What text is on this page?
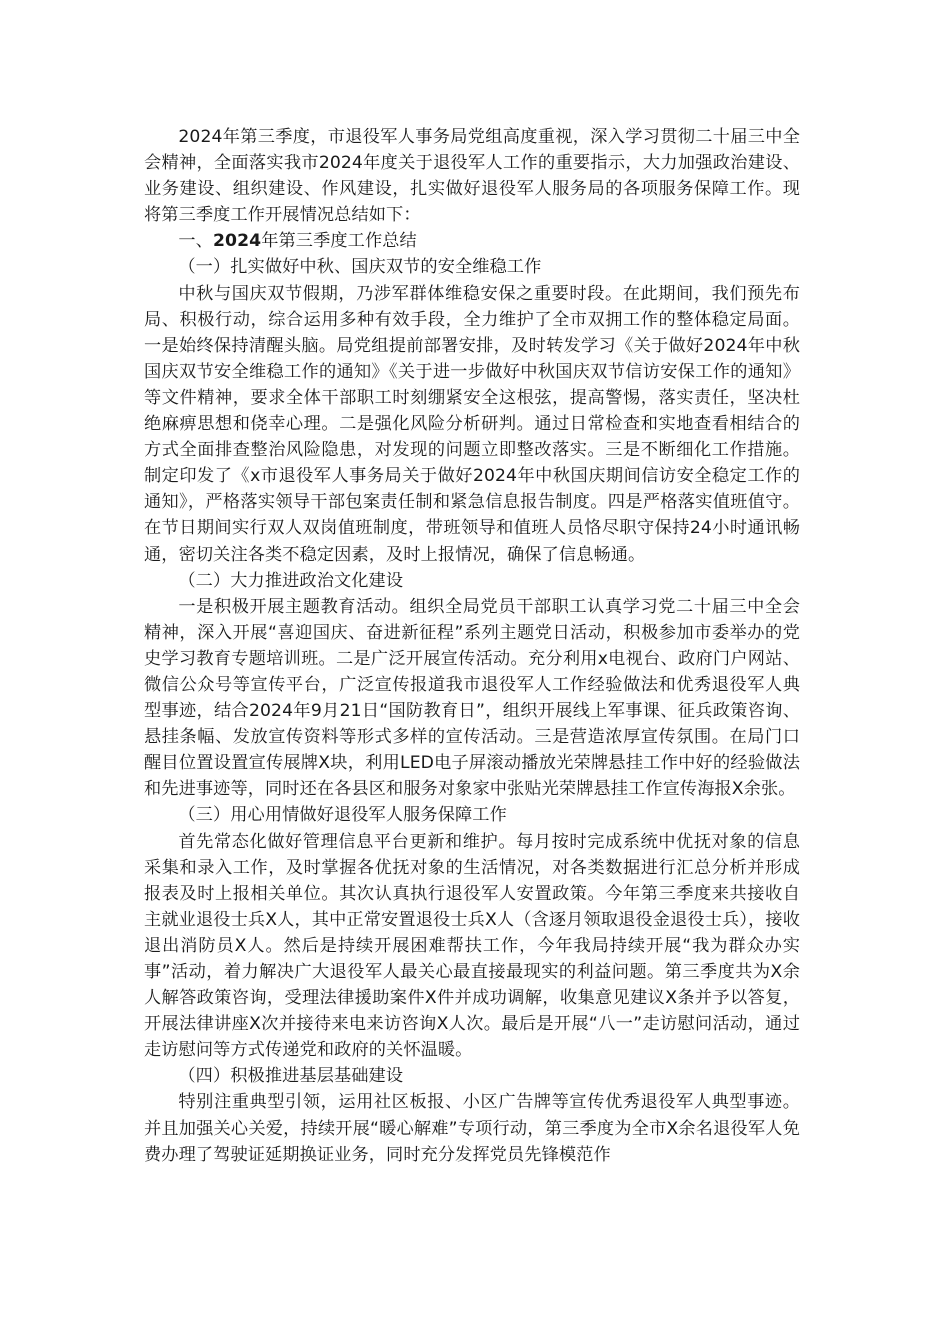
2024年第三季度，市退役军人事务局党组高度重视，深入学习贯彻二十届三中全会精神，全面落实我市2024年度关于退役军人工作的重要指示，大力加强政治建设、业务建设、组织建设、作风建设，扎实做好退役军人服务局的各项服务保障工作。现将第三季度工作开展情况总结如下：

一、2024年第三季度工作总结

（一）扎实做好中秋、国庆双节的安全维稳工作

中秋与国庆双节假期，乃涉军群体维稳安保之重要时段。在此期间，我们预先布局、积极行动，综合运用多种有效手段，全力维护了全市双拥工作的整体稳定局面。一是始终保持清醒头脑。局党组提前部署安排，及时转发学习《关于做好2024年中秋国庆双节安全维稳工作的通知》《关于进一步做好中秋国庆双节信访安保工作的通知》等文件精神，要求全体干部职工时刻绷紧安全这根弦，提高警惕，落实责任，坚决杜绝麻痹思想和侥幸心理。二是强化风险分析研判。通过日常检查和实地查看相结合的方式全面排查整治风险隐患，对发现的问题立即整改落实。三是不断细化工作措施。制定印发了《x市退役军人事务局关于做好2024年中秋国庆期间信访安全稳定工作的通知》，严格落实领导干部包案责任制和紧急信息报告制度。四是严格落实值班值守。在节日期间实行双人双岗值班制度，带班领导和值班人员恪尽职守保持24小时通讯畅通，密切关注各类不稳定因素，及时上报情况，确保了信息畅通。

（二）大力推进政治文化建设

一是积极开展主题教育活动。组织全局党员干部职工认真学习党二十届三中全会精神，深入开展“喜迎国庆、奋进新征程”系列主题党日活动，积极参加市委举办的党史学习教育专题培训班。二是广泛开展宣传活动。充分利用x电视台、政府门户网站、微信公众号等宣传平台，广泛宣传报道我市退役军人工作经验做法和优秀退役军人典型事迹，结合2024年9月21日“国防教育日”，组织开展线上军事课、征兵政策咨询、悬挂条幅、发放宣传资料等形式多样的宣传活动。三是营造浓厚宣传氛围。在局门口醒目位置设置宣传展牌X块，利用LED电子屏滚动播放光荣牌悬挂工作中好的经验做法和先进事迹等，同时还在各县区和服务对象家中张贴光荣牌悬挂工作宣传海报X余张。

（三）用心用情做好退役军人服务保障工作

首先常态化做好管理信息平台更新和维护。每月按时完成系统中优抚对象的信息采集和录入工作，及时掌握各优抚对象的生活情况，对各类数据进行汇总分析并形成报表及时上报相关单位。其次认真执行退役军人安置政策。今年第三季度来共接收自主就业退役士兵X人，其中正常安置退役士兵X人（含逐月领取退役金退役士兵），接收退出消防员X人。然后是持续开展困难帮扶工作，今年我局持续开展“我为群众办实事”活动，着力解决广大退役军人最关心最直接最现实的利益问题。第三季度共为X余人解答政策咨询，受理法律援助案件X件并成功调解，收集意见建议X条并予以答复，开展法律讲座X次并接待来电来访咨询X人次。最后是开展“八一”走访慰问活动，通过走访慰问等方式传递党和政府的关怀温暖。

（四）积极推进基层基础建设

特别注重典型引领，运用社区板报、小区广告牌等宣传优秀退役军人典型事迹。并且加强关心关爱，持续开展“暖心解难”专项行动，第三季度为全市X余名退役军人免费办理了驾驶证延期换证业务，同时充分发挥党员先锋模范作
